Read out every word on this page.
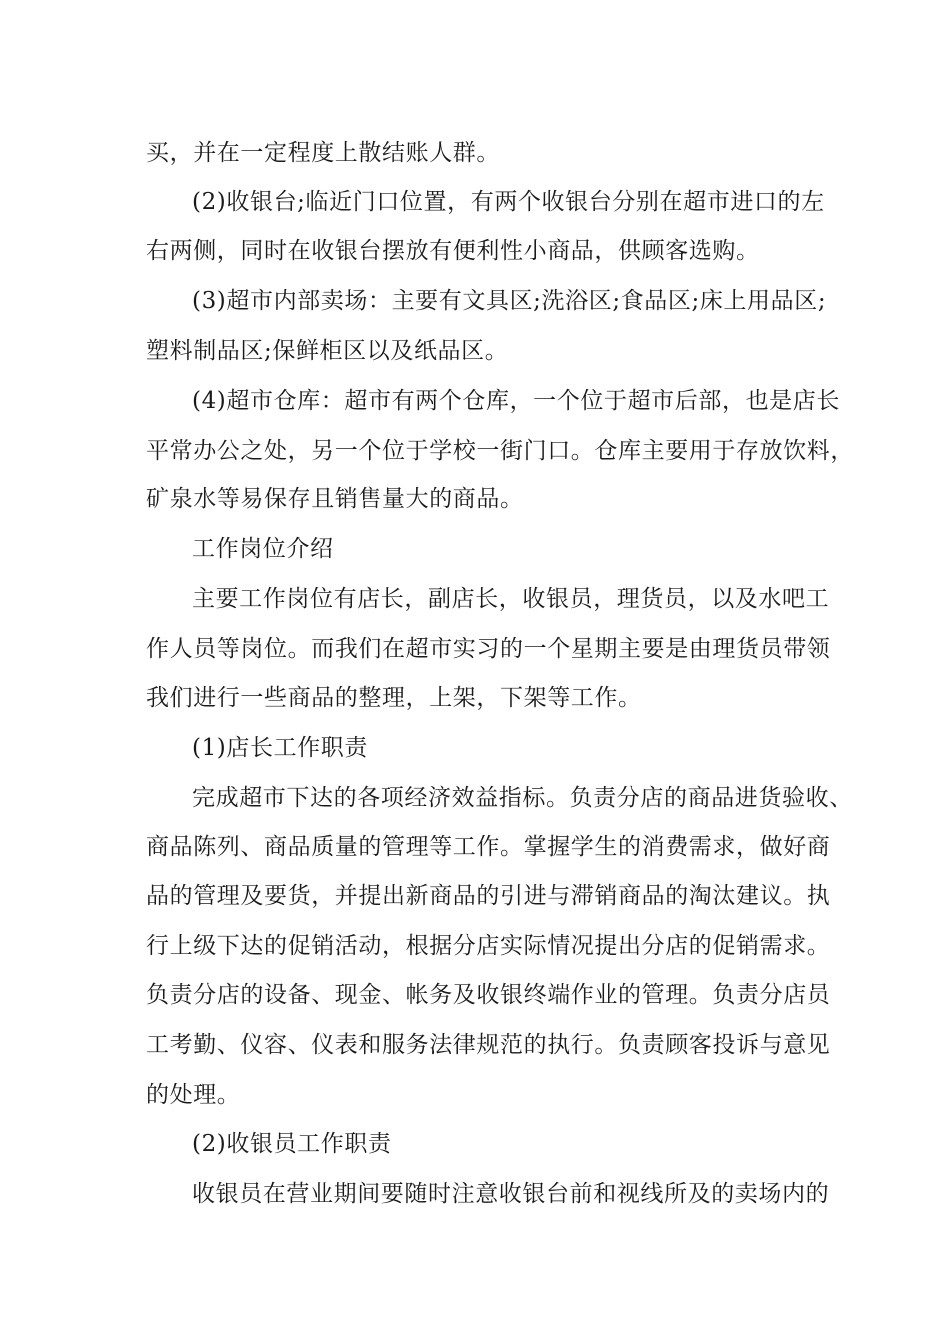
买，并在一定程度上散结账人群。
(2)收银台;临近门口位置，有两个收银台分别在超市进口的左
右两侧，同时在收银台摆放有便利性小商品，供顾客选购。
(3)超市内部卖场：主要有文具区;洗浴区;食品区;床上用品区;
塑料制品区;保鲜柜区以及纸品区。
(4)超市仓库：超市有两个仓库，一个位于超市后部，也是店长
平常办公之处，另一个位于学校一街门口。仓库主要用于存放饮料，
矿泉水等易保存且销售量大的商品。
工作岗位介绍
主要工作岗位有店长，副店长，收银员，理货员，以及水吧工
作人员等岗位。而我们在超市实习的一个星期主要是由理货员带领
我们进行一些商品的整理，上架，下架等工作。
(1)店长工作职责
完成超市下达的各项经济效益指标。负责分店的商品进货验收、
商品陈列、商品质量的管理等工作。掌握学生的消费需求，做好商
品的管理及要货，并提出新商品的引进与滞销商品的淘汰建议。执
行上级下达的促销活动，根据分店实际情况提出分店的促销需求。
负责分店的设备、现金、帐务及收银终端作业的管理。负责分店员
工考勤、仪容、仪表和服务法律规范的执行。负责顾客投诉与意见
的处理。
(2)收银员工作职责
收银员在营业期间要随时注意收银台前和视线所及的卖场内的
